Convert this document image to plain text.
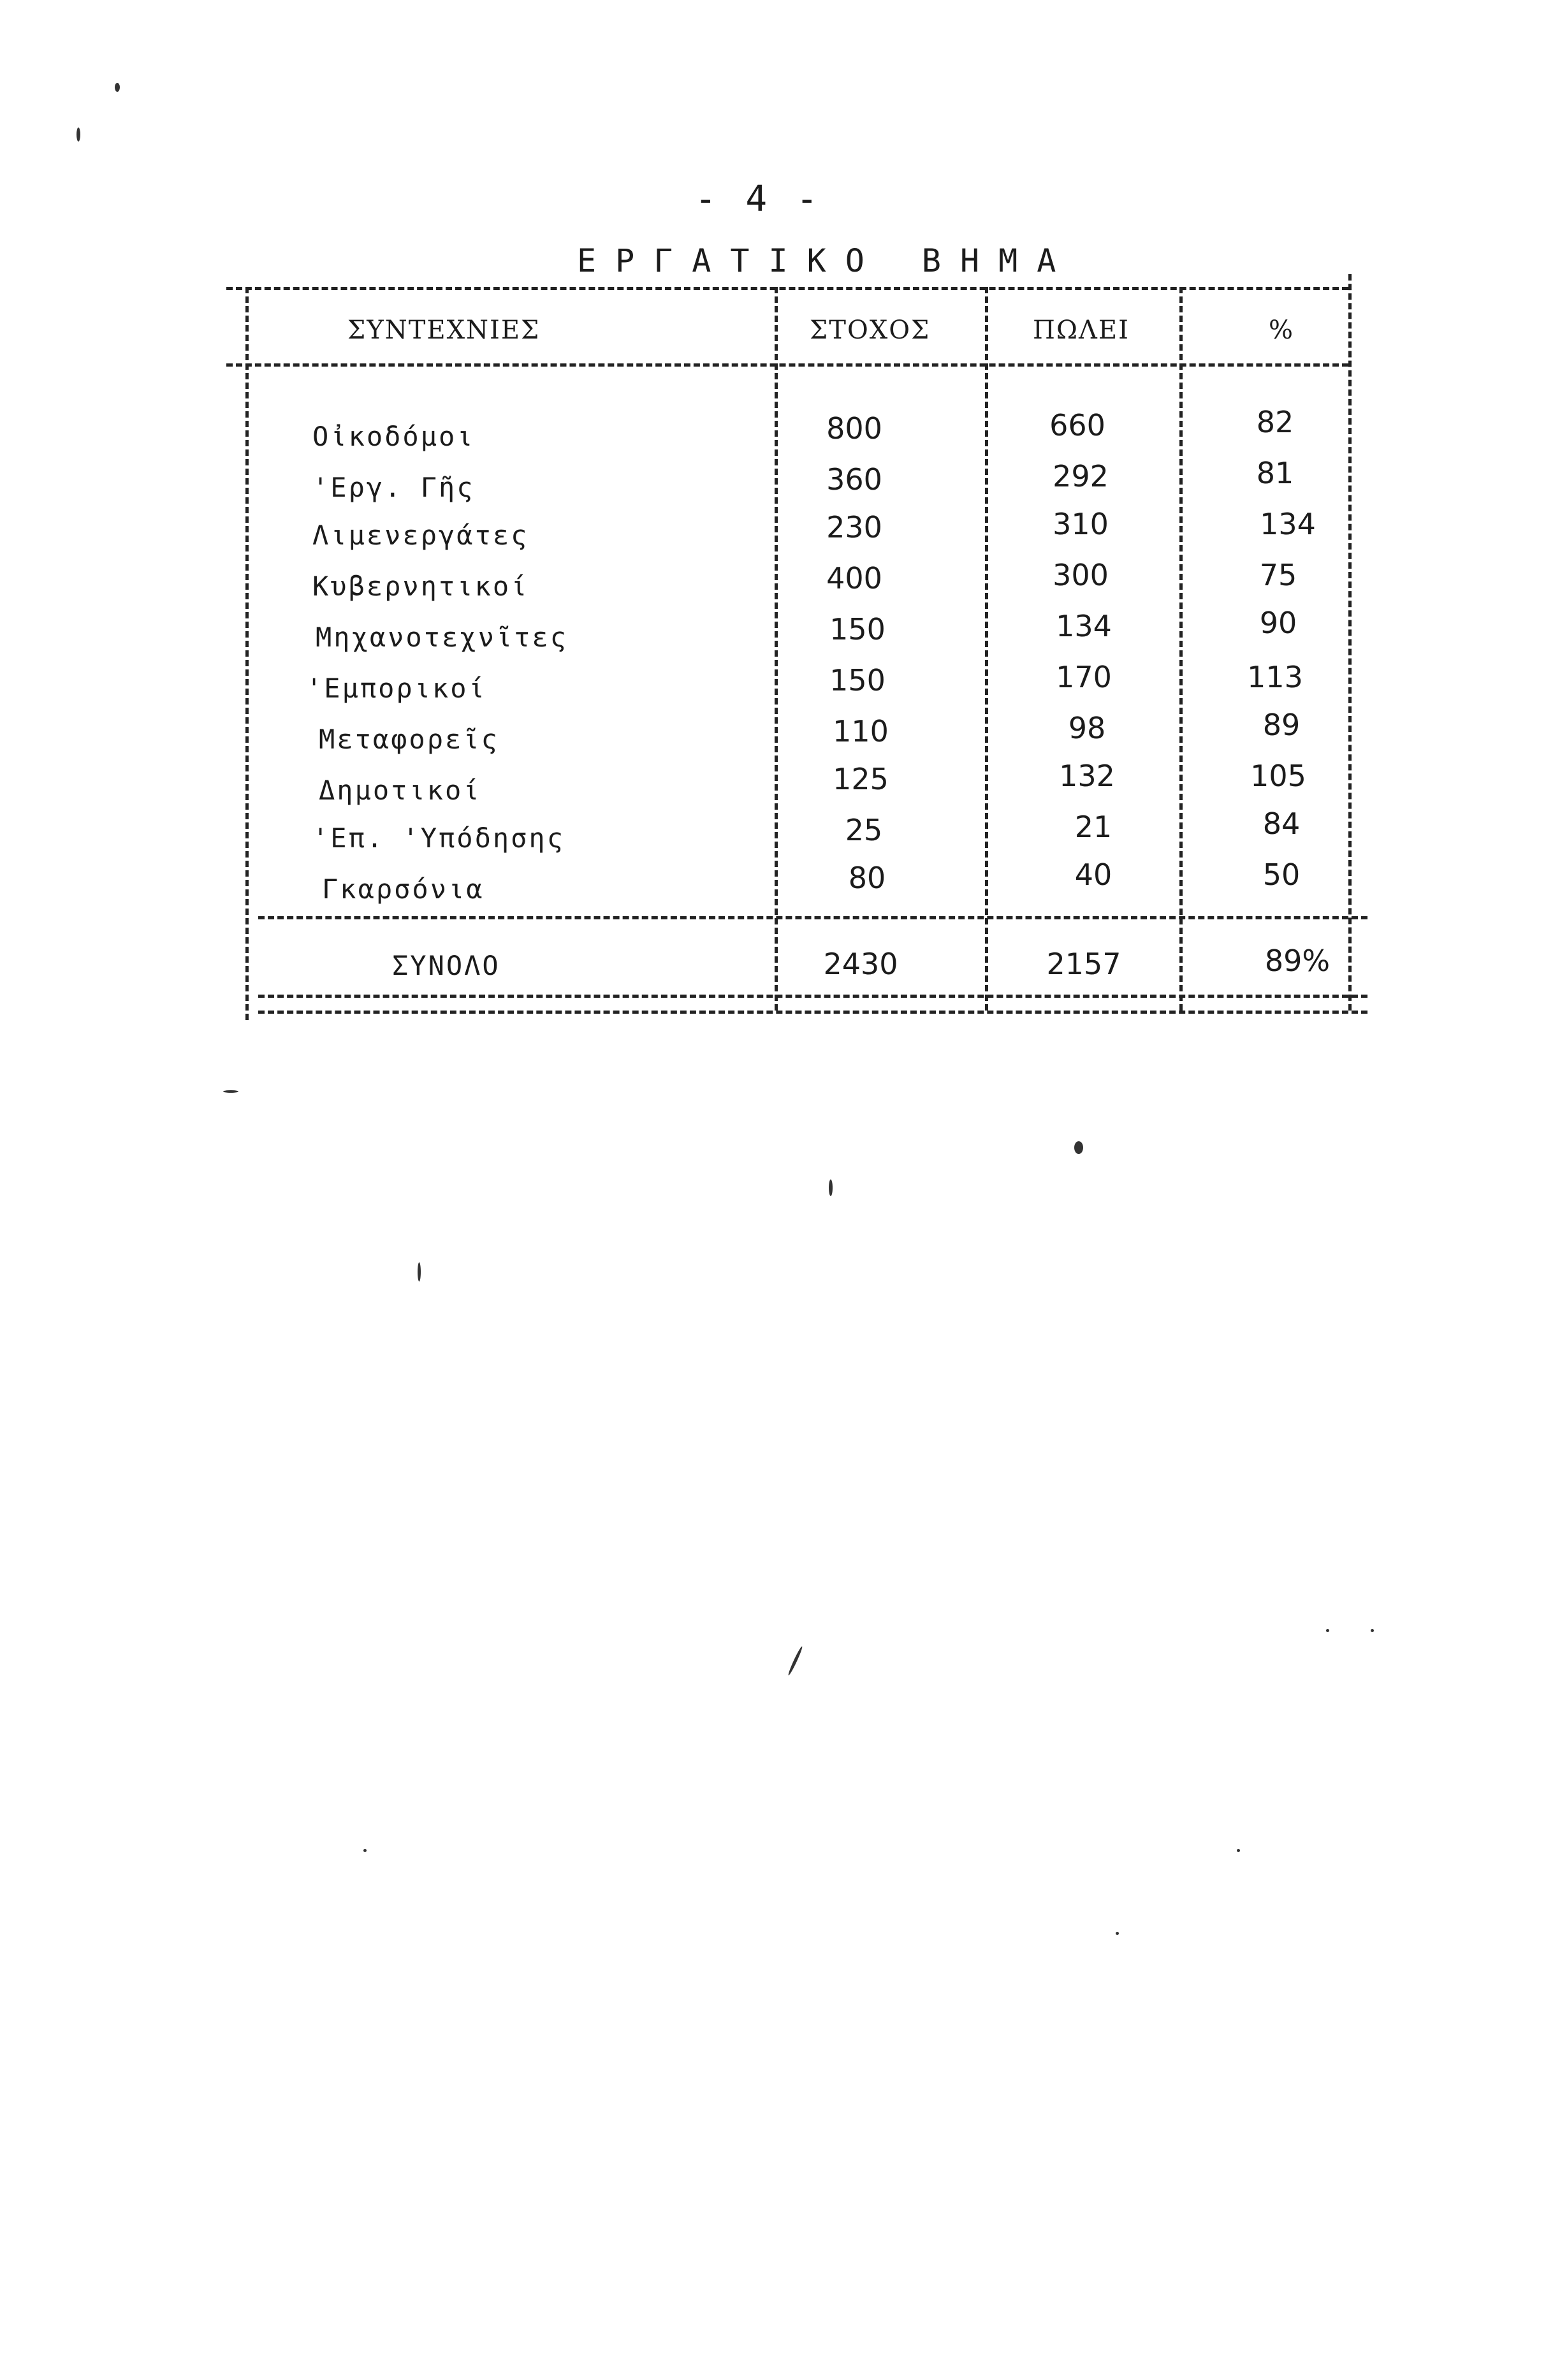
- 4 -
ΕΡΓΑΤΙΚΟ ΒΗΜΑ
ΣΥΝΤΕΧΝΙΕΣ	ΣΤΟΧΟΣ	ΠΩΛΕΙ	%
Οἰκοδόμοι	800	660	82
'Εργ. Γῆς	360	292	81
Λιμενεργάτες	230	310	134
Κυβερνητικοί	400	300	75
Μηχανοτεχνῖτες	150	134	90
'Εμπορικοί	150	170	113
Μεταφορεῖς	110	98	89
Δημοτικοί	125	132	105
'Επ. 'Υπόδησης	25	21	84
Γκαρσόνια	80	40	50
ΣΥΝΟΛΟ	2430	2157	89%
